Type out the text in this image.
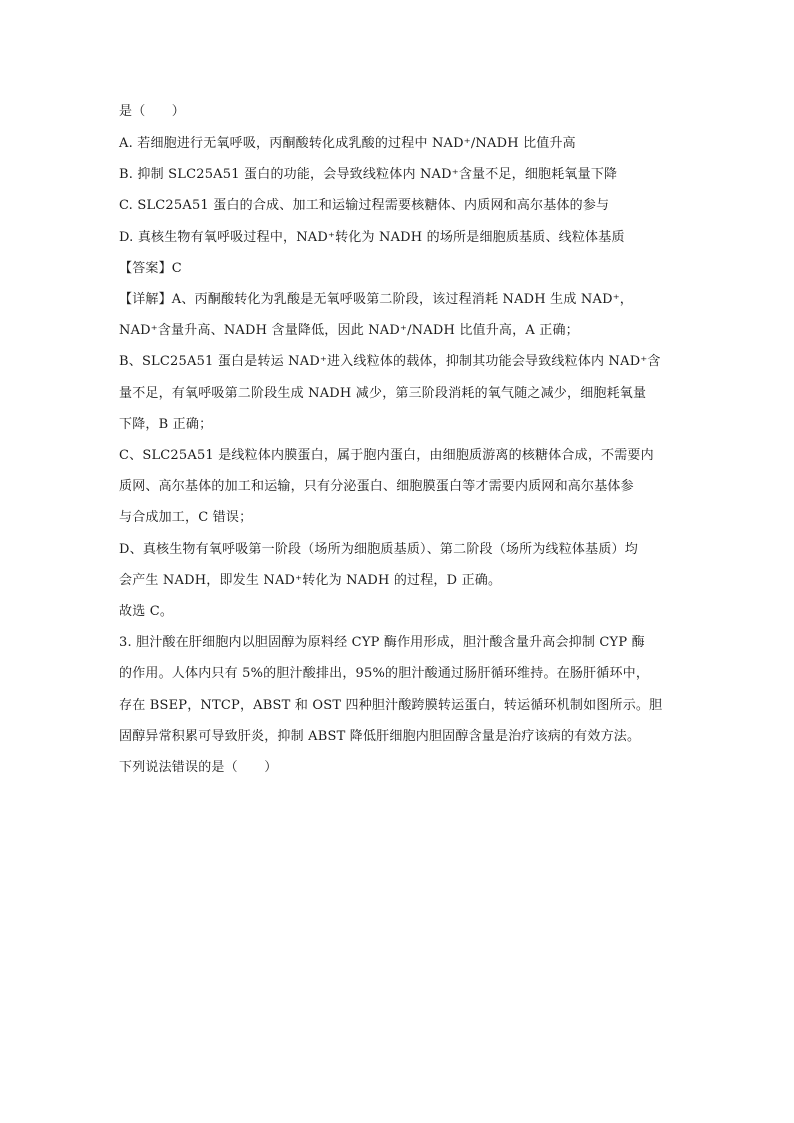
是（　　）
A. 若细胞进行无氧呼吸，丙酮酸转化成乳酸的过程中 NAD⁺/NADH 比值升高
B. 抑制 SLC25A51 蛋白的功能，会导致线粒体内 NAD⁺含量不足，细胞耗氧量下降
C. SLC25A51 蛋白的合成、加工和运输过程需要核糖体、内质网和高尔基体的参与
D. 真核生物有氧呼吸过程中，NAD⁺转化为 NADH 的场所是细胞质基质、线粒体基质
【答案】C
【详解】A、丙酮酸转化为乳酸是无氧呼吸第二阶段，该过程消耗 NADH 生成 NAD⁺，
NAD⁺含量升高、NADH 含量降低，因此 NAD⁺/NADH 比值升高，A 正确；
B、SLC25A51 蛋白是转运 NAD⁺进入线粒体的载体，抑制其功能会导致线粒体内 NAD⁺含
量不足，有氧呼吸第二阶段生成 NADH 减少，第三阶段消耗的氧气随之减少，细胞耗氧量
下降，B 正确；
C、SLC25A51 是线粒体内膜蛋白，属于胞内蛋白，由细胞质游离的核糖体合成，不需要内
质网、高尔基体的加工和运输，只有分泌蛋白、细胞膜蛋白等才需要内质网和高尔基体参
与合成加工，C 错误；
D、真核生物有氧呼吸第一阶段（场所为细胞质基质）、第二阶段（场所为线粒体基质）均
会产生 NADH，即发生 NAD⁺转化为 NADH 的过程，D 正确。
故选 C。
3. 胆汁酸在肝细胞内以胆固醇为原料经 CYP 酶作用形成，胆汁酸含量升高会抑制 CYP 酶
的作用。人体内只有 5%的胆汁酸排出，95%的胆汁酸通过肠肝循环维持。在肠肝循环中，
存在 BSEP，NTCP，ABST 和 OST 四种胆汁酸跨膜转运蛋白，转运循环机制如图所示。胆
固醇异常积累可导致肝炎，抑制 ABST 降低肝细胞内胆固醇含量是治疗该病的有效方法。
下列说法错误的是（　　）
